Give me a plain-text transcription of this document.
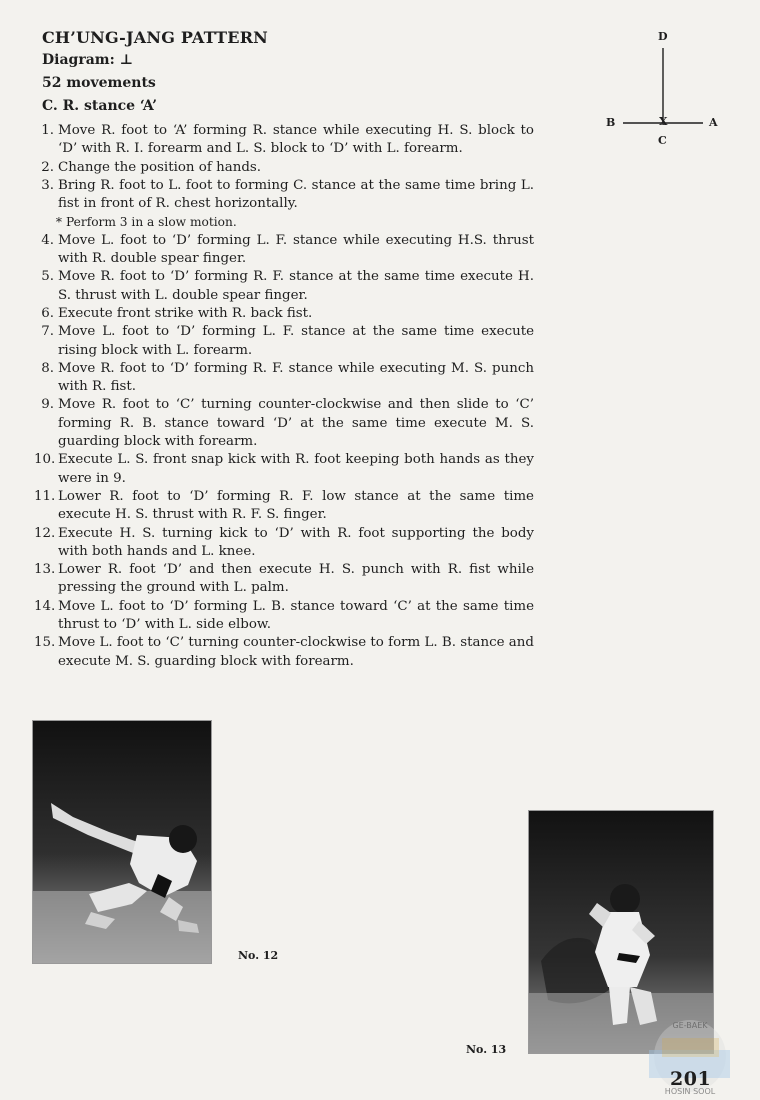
CH’UNG-JANG PATTERN
Diagram: ⊥
52 movements
C. R. stance ‘A’
1. Move R. foot to ‘A’ forming R. stance while executing H. S. block to ‘D’ with R. I. forearm and L. S. block to ‘D’ with L. forearm.
2. Change the position of hands.
3. Bring R. foot to L. foot to forming C. stance at the same time bring L. fist in front of R. chest horizontally.
* Perform 3 in a slow motion.
4. Move L. foot to ‘D’ forming L. F. stance while executing H.S. thrust with R. double spear finger.
5. Move R. foot to ‘D’ forming R. F. stance at the same time execute H. S. thrust with L. double spear finger.
6. Execute front strike with R. back fist.
7. Move L. foot to ‘D’ forming L. F. stance at the same time execute rising block with L. forearm.
8. Move R. foot to ‘D’ forming R. F. stance while executing M. S. punch with R. fist.
9. Move R. foot to ‘C’ turning counter-clockwise and then slide to ‘C’ forming R. B. stance toward ‘D’ at the same time execute M. S. guarding block with forearm.
10. Execute L. S. front snap kick with R. foot keeping both hands as they were in 9.
11. Lower R. foot to ‘D’ forming R. F. low stance at the same time execute H. S. thrust with R. F. S. finger.
12. Execute H. S. turning kick to ‘D’ with R. foot supporting the body with both hands and L. knee.
13. Lower R. foot ‘D’ and then execute H. S. punch with R. fist while pressing the ground with L. palm.
14. Move L. foot to ‘D’ forming L. B. stance toward ‘C’ at the same time thrust to ‘D’ with L. side elbow.
15. Move L. foot to ‘C’ turning counter-clockwise to form L. B. stance and execute M. S. guarding block with forearm.
D
B	A
C
X
No. 12
No. 13
GE-BAEK
HOSIN SOOL
201
